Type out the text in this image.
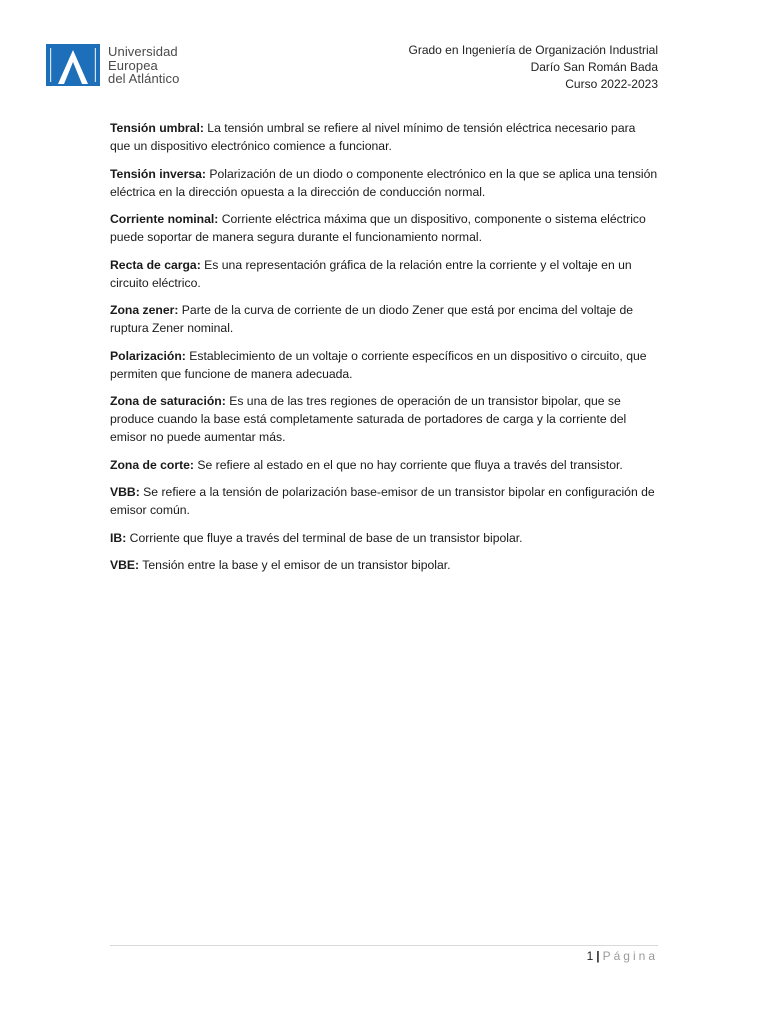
Universidad
Europea
del Atlántico
Grado en Ingeniería de Organización Industrial
Darío San Román Bada
Curso 2022-2023

Tensión umbral: La tensión umbral se refiere al nivel mínimo de tensión eléctrica necesario para que un dispositivo electrónico comience a funcionar.

Tensión inversa: Polarización de un diodo o componente electrónico en la que se aplica una tensión eléctrica en la dirección opuesta a la dirección de conducción normal.

Corriente nominal: Corriente eléctrica máxima que un dispositivo, componente o sistema eléctrico puede soportar de manera segura durante el funcionamiento normal.

Recta de carga: Es una representación gráfica de la relación entre la corriente y el voltaje en un circuito eléctrico.

Zona zener: Parte de la curva de corriente de un diodo Zener que está por encima del voltaje de ruptura Zener nominal.

Polarización: Establecimiento de un voltaje o corriente específicos en un dispositivo o circuito, que permiten que funcione de manera adecuada.

Zona de saturación: Es una de las tres regiones de operación de un transistor bipolar, que se produce cuando la base está completamente saturada de portadores de carga y la corriente del emisor no puede aumentar más.

Zona de corte: Se refiere al estado en el que no hay corriente que fluya a través del transistor.

VBB: Se refiere a la tensión de polarización base-emisor de un transistor bipolar en configuración de emisor común.

IB: Corriente que fluye a través del terminal de base de un transistor bipolar.

VBE: Tensión entre la base y el emisor de un transistor bipolar.

1 | Página
